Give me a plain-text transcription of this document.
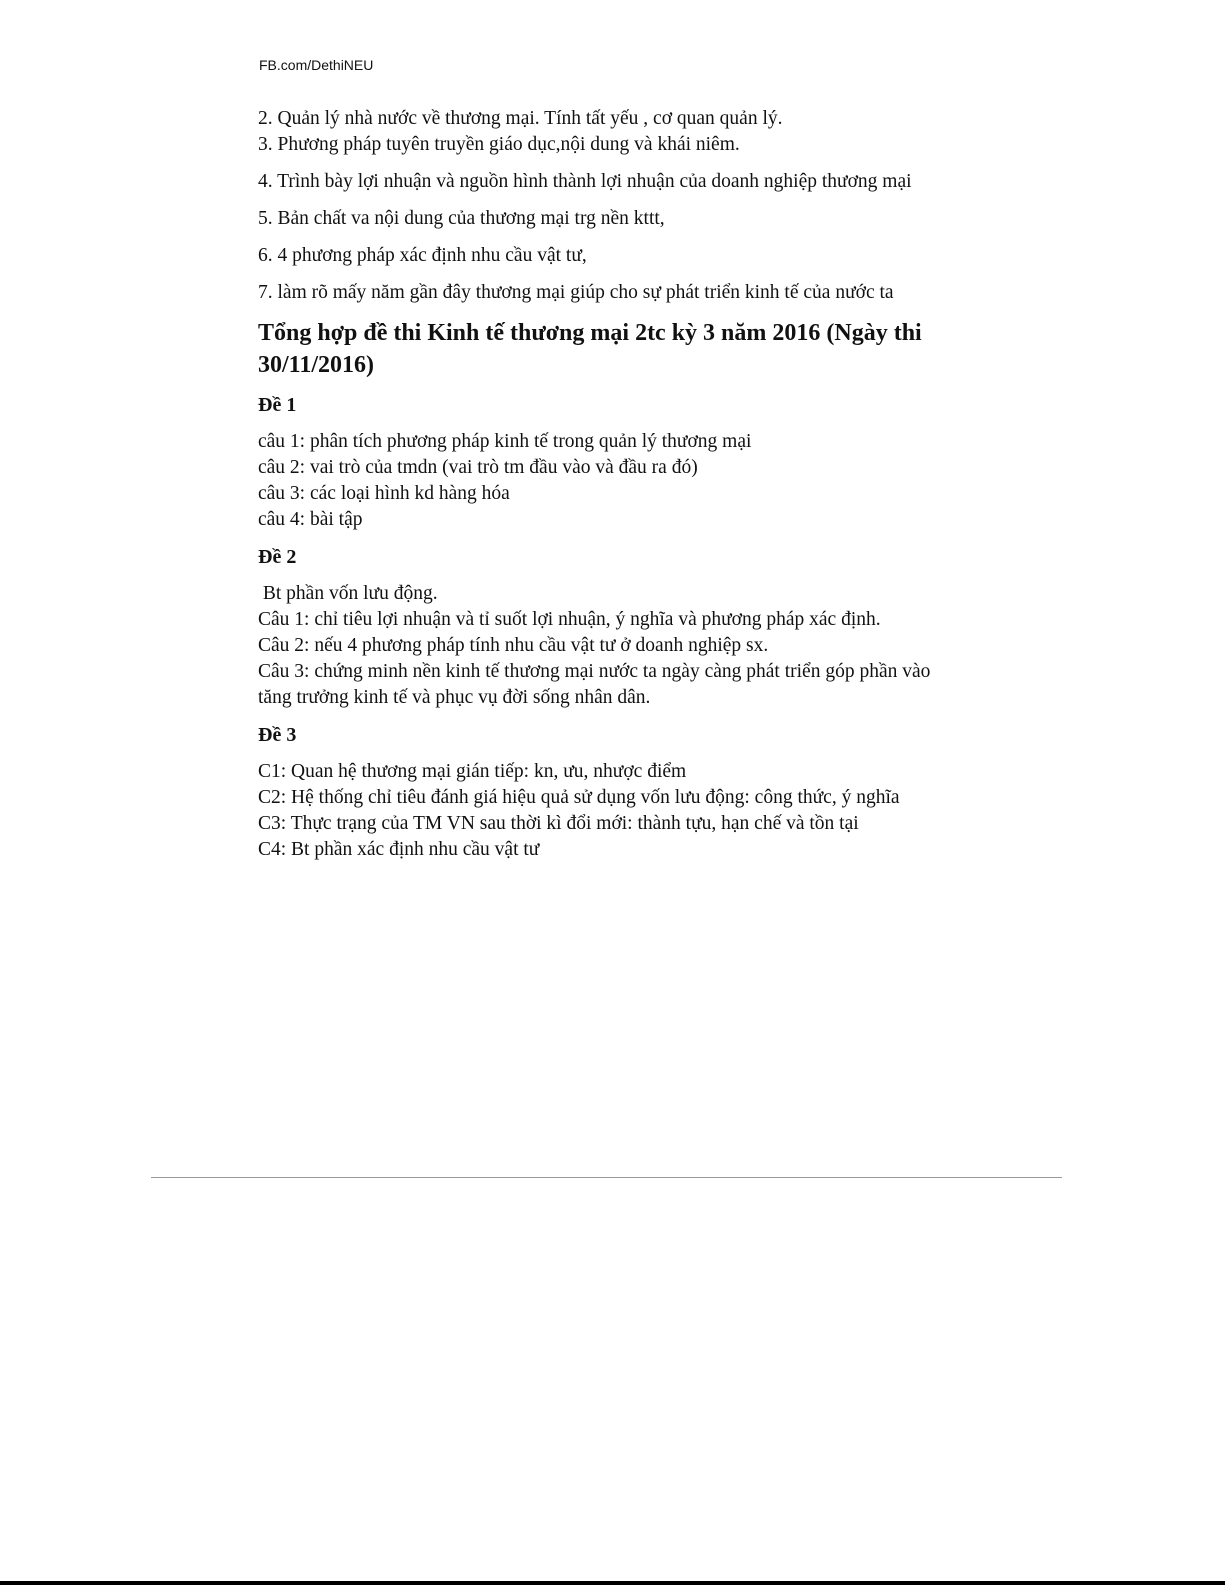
FB.com/DethiNEU

2. Quản lý nhà nước về thương mại. Tính tất yếu , cơ quan quản lý.

3. Phương pháp tuyên truyền giáo dục,nội dung và khái niêm.

4. Trình bày lợi nhuận và nguồn hình thành lợi nhuận của doanh nghiệp thương mại

5. Bản chất va nội dung của thương mại trg nền kttt,

6. 4 phương pháp xác định nhu cầu vật tư,

7. làm rõ mấy năm gần đây thương mại giúp cho sự phát triển kinh tế của nước ta

Tổng hợp đề thi Kinh tế thương mại 2tc kỳ 3 năm 2016 (Ngày thi 30/11/2016)
Đề 1

câu 1: phân tích phương pháp kinh tế trong quản lý thương mại

câu 2: vai trò của tmdn (vai trò tm đầu vào và đầu ra đó)

câu 3: các loại hình kd hàng hóa

câu 4: bài tập

Đề 2

Bt phần vốn lưu động.

Câu 1: chỉ tiêu lợi nhuận và tỉ suốt lợi nhuận, ý nghĩa và phương pháp xác định.

Câu 2: nếu 4 phương pháp tính nhu cầu vật tư ở doanh nghiệp sx.

Câu 3: chứng minh nền kinh tế thương mại nước ta ngày càng phát triển góp phần vào tăng trưởng kinh tế và phục vụ đời sống nhân dân.

Đề 3

C1: Quan hệ thương mại gián tiếp: kn, ưu, nhược điểm

C2: Hệ thống chỉ tiêu đánh giá hiệu quả sử dụng vốn lưu động: công thức, ý nghĩa

C3: Thực trạng của TM VN sau thời kì đổi mới: thành tựu, hạn chế và tồn tại

C4: Bt phần xác định nhu cầu vật tư
